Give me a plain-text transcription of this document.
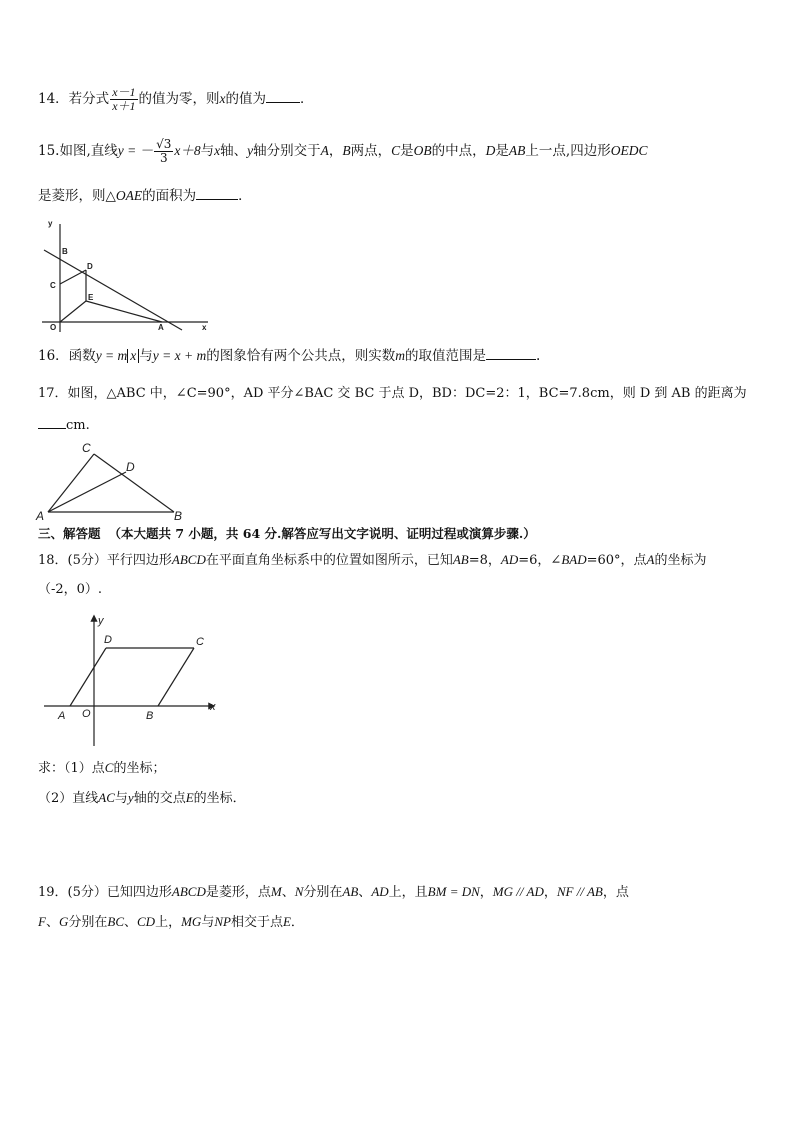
14．若分式 $\frac{x-1}{x+1}$ 的值为零，则x的值为	．
15.如图,直线y = － $\frac{√3}{3} x+8$与x轴、y轴分别交于A，B两点，C是OB的中点，D是AB上一点,四边形OEDC
是菱形，则△OAE的面积为	．
y
B
D
C
E
O	A	x
16．函数y = m x 与y = x + m的图象恰有两个公共点，则实数m的取值范围是	.
17．如图，△ABC 中，∠C=90°，AD 平分∠BAC 交 BC 于点 D，BD：DC=2：1，BC=7.8cm，则 D 到 AB 的距离为
cm.
C
D
A	B
三、解答题 （本大题共 7 小题，共 64 分.解答应写出文字说明、证明过程或演算步骤.）
18．(5分）平行四边形ABCD在平面直角坐标系中的位置如图所示，已知AB=8，AD=6，∠BAD=60°，点A的坐标为
（-2，0）.
y
D	C
A O	B
x
求：（1）点C的坐标；
（2）直线AC与y轴的交点E的坐标．
19．(5分）已知四边形ABCD是菱形，点M、N分别在AB、AD上，且BM = DN，MG // AD，NF // AB，点
F、G分别在BC、CD上，MG与NP相交于点E．
